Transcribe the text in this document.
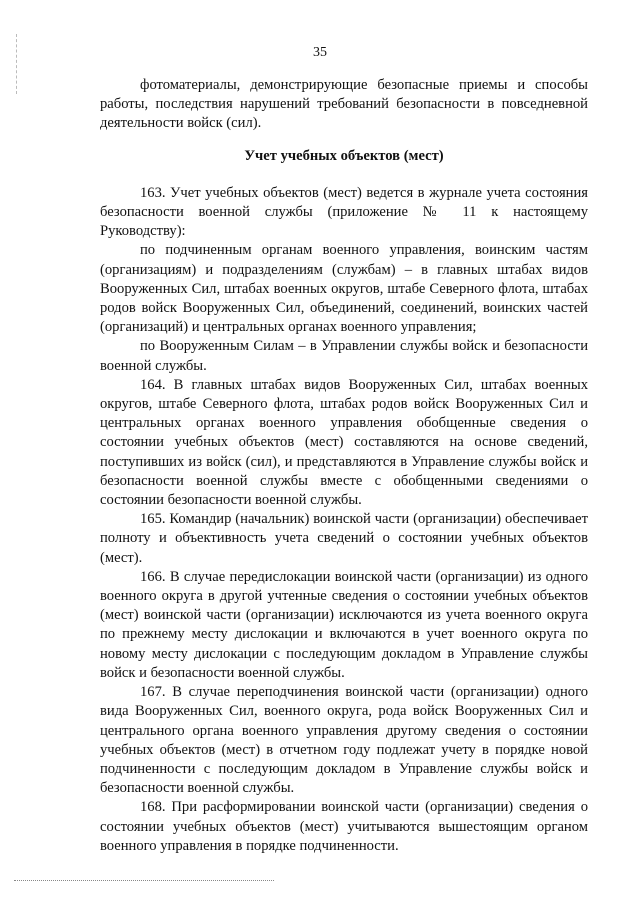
35

фотоматериалы, демонстрирующие безопасные приемы и способы работы, последствия нарушений требований безопасности в повседневной деятельности войск (сил).

Учет учебных объектов (мест)

163. Учет учебных объектов (мест) ведется в журнале учета состояния безопасности военной службы (приложение № 11 к настоящему Руководству):

по подчиненным органам военного управления, воинским частям (организациям) и подразделениям (службам) – в главных штабах видов Вооруженных Сил, штабах военных округов, штабе Северного флота, штабах родов войск Вооруженных Сил, объединений, соединений, воинских частей (организаций) и центральных органах военного управления;

по Вооруженным Силам – в Управлении службы войск и безопасности военной службы.

164. В главных штабах видов Вооруженных Сил, штабах военных округов, штабе Северного флота, штабах родов войск Вооруженных Сил и центральных органах военного управления обобщенные сведения о состоянии учебных объектов (мест) составляются на основе сведений, поступивших из войск (сил), и представляются в Управление службы войск и безопасности военной службы вместе с обобщенными сведениями о состоянии безопасности военной службы.

165. Командир (начальник) воинской части (организации) обеспечивает полноту и объективность учета сведений о состоянии учебных объектов (мест).

166. В случае передислокации воинской части (организации) из одного военного округа в другой учтенные сведения о состоянии учебных объектов (мест) воинской части (организации) исключаются из учета военного округа по прежнему месту дислокации и включаются в учет военного округа по новому месту дислокации с последующим докладом в Управление службы войск и безопасности военной службы.

167. В случае переподчинения воинской части (организации) одного вида Вооруженных Сил, военного округа, рода войск Вооруженных Сил и центрального органа военного управления другому сведения о состоянии учебных объектов (мест) в отчетном году подлежат учету в порядке новой подчиненности с последующим докладом в Управление службы войск и безопасности военной службы.

168. При расформировании воинской части (организации) сведения о состоянии учебных объектов (мест) учитываются вышестоящим органом военного управления в порядке подчиненности.
